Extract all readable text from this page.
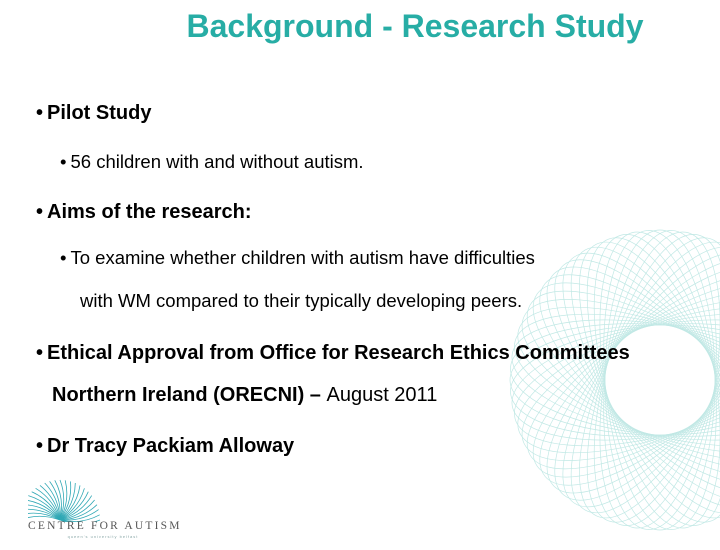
Background - Research Study
• Pilot Study
• 56 children with and without autism.
• Aims of the research:
• To examine whether children with autism have difficulties
with WM compared to their typically developing peers.
• Ethical Approval from Office for Research Ethics Committees
Northern Ireland (ORECNI) – August 2011
• Dr Tracy Packiam Alloway
CENTRE FOR AUTISM
queen's university belfast
